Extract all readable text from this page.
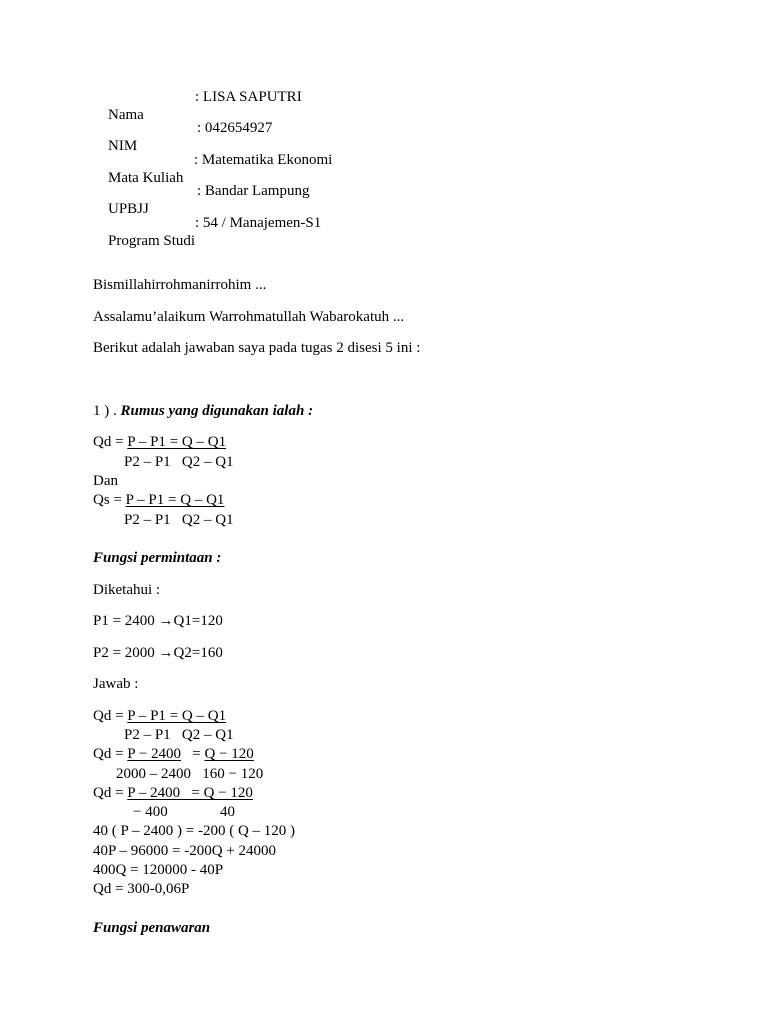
Nama

: LISA SAPUTRI

NIM

: 042654927

Mata Kuliah

: Matematika Ekonomi

UPBJJ

: Bandar Lampung

Program Studi

: 54 / Manajemen-S1

Bismillahirrohmanirrohim ...
Assalamu’alaikum Warrohmatullah Wabarokatuh ...
Berikut adalah jawaban saya pada tugas 2 disesi 5 ini :
1 ) . Rumus yang digunakan ialah :
Qd = P – P1 = Q – Q1
P2 – P1   Q2 – Q1
Dan
Qs = P – P1 = Q – Q1
P2 – P1   Q2 – Q1
Fungsi permintaan :
Diketahui :
P1 = 2400 →Q1=120
P2 = 2000 →Q2=160
Jawab :
Qd = P – P1 = Q – Q1
P2 – P1   Q2 – Q1
Qd = P − 2400   = Q − 120
2000 – 2400   160 − 120
Qd = P – 2400   = Q − 120
− 400	40
40 ( P – 2400 ) = -200 ( Q – 120 )
40P – 96000 = -200Q + 24000
400Q = 120000 - 40P
Qd = 300-0,06P
Fungsi penawaran
